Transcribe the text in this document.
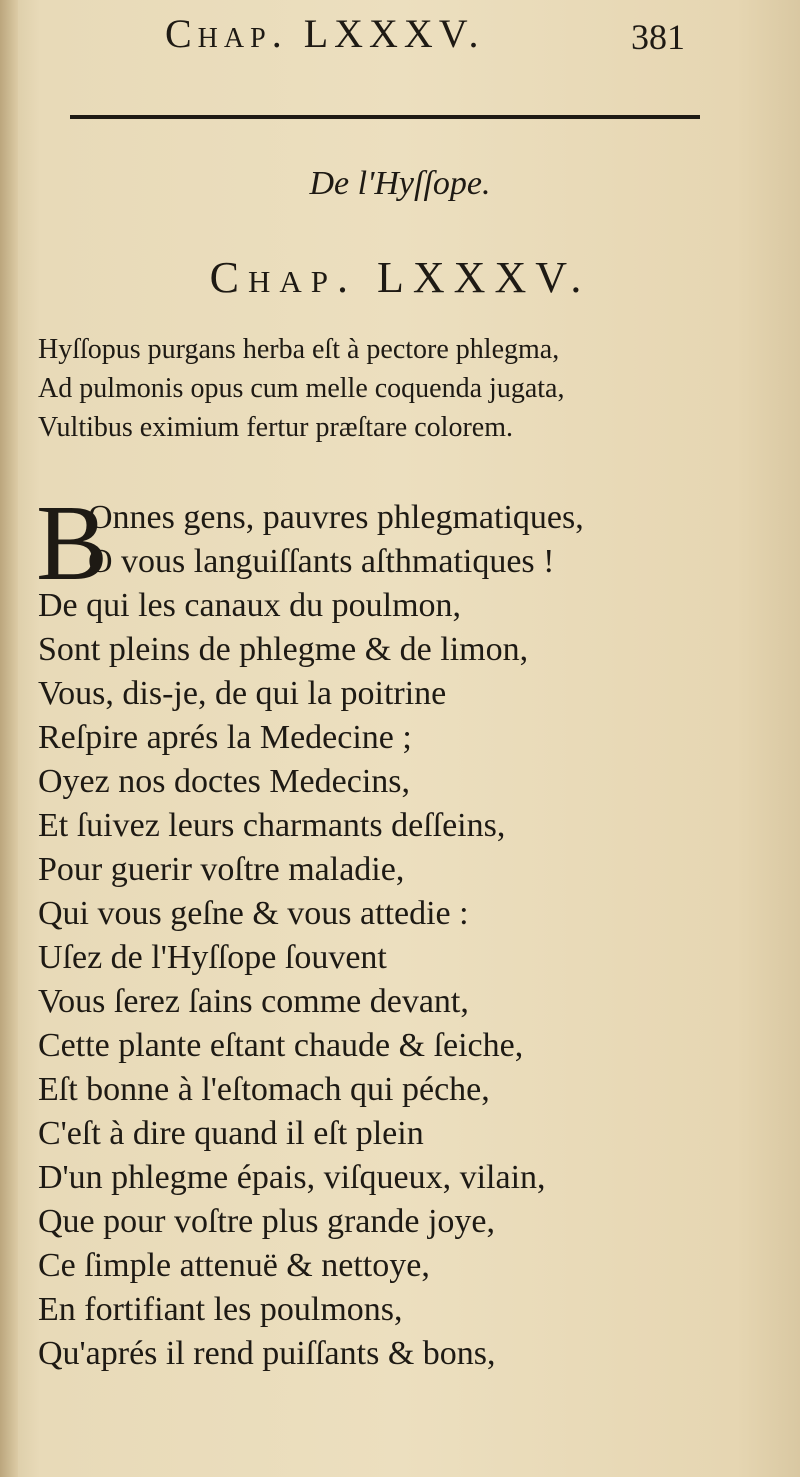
Chap. LXXXV.	381
De l'Hyſſope.
Chap. LXXXV.
Hyſſopus purgans herba eſt à pectore phlegma,
Ad pulmonis opus cum melle coquenda jugata,
Vultibus eximium fertur præſtare colorem.
B
Onnes gens, pauvres phlegmatiques,
O vous languiſſants aſthmatiques !
De qui les canaux du poulmon,
Sont pleins de phlegme & de limon,
Vous, dis-je, de qui la poitrine
Reſpire aprés la Medecine ;
Oyez nos doctes Medecins,
Et ſuivez leurs charmants deſſeins,
Pour guerir voſtre maladie,
Qui vous geſne & vous attedie :
Uſez de l'Hyſſope ſouvent
Vous ſerez ſains comme devant,
Cette plante eſtant chaude & ſeiche,
Eſt bonne à l'eſtomach qui péche,
C'eſt à dire quand il eſt plein
D'un phlegme épais, viſqueux, vilain,
Que pour voſtre plus grande joye,
Ce ſimple attenuë & nettoye,
En fortifiant les poulmons,
Qu'aprés il rend puiſſants & bons,
